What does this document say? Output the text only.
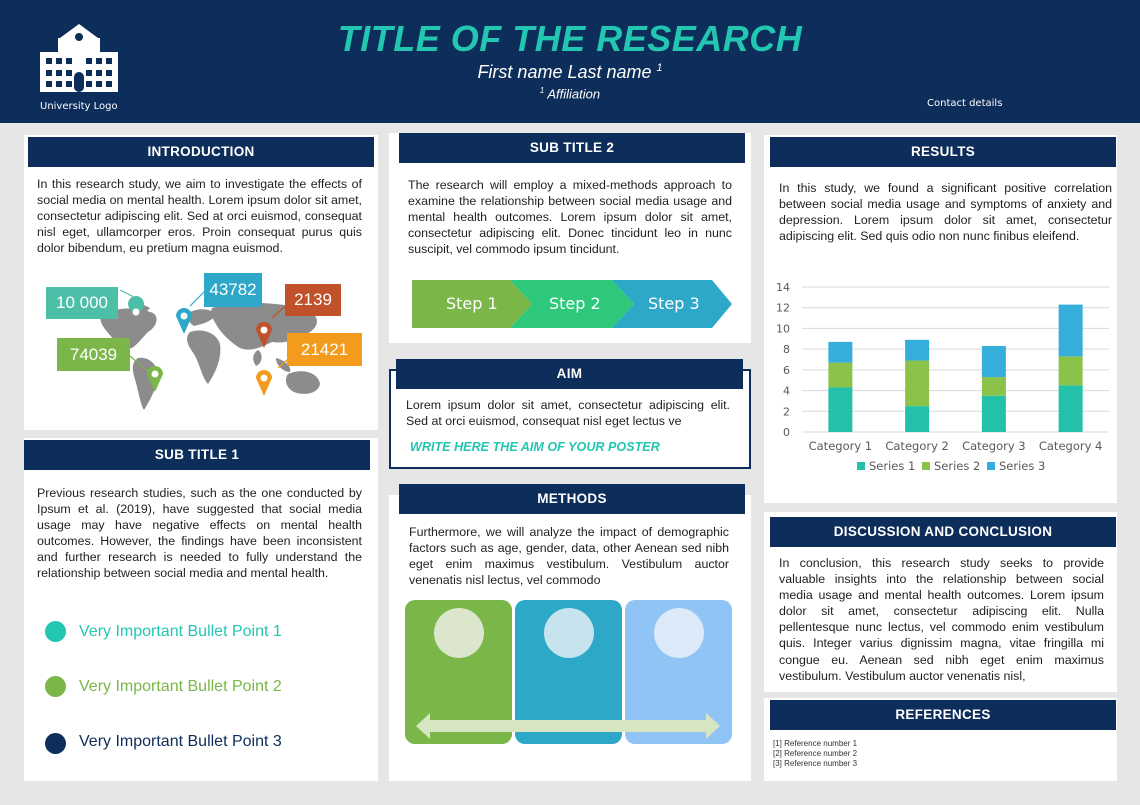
University Logo
TITLE OF THE RESEARCH
First name Last name $^1$
$^1$ Affiliation
Contact details
INTRODUCTION
In this research study, we aim to investigate the effects of social media on mental health. Lorem ipsum dolor sit amet, consectetur adipiscing elit. Sed at orci euismod, consequat nisl eget, ullamcorper eros. Proin consequat purus quis dolor bibendum, eu pretium magna euismod.
10 000
43782
2139
74039	21421
SUB TITLE 1
Previous research studies, such as the one conducted by Ipsum et al. (2019), have suggested that social media usage may have negative effects on mental health outcomes. However, the findings have been inconsistent and further research is needed to fully understand the relationship between social media and mental health.
Very Important Bullet Point 1
Very Important Bullet Point 2
Very Important Bullet Point 3
SUB TITLE 2
The research will employ a mixed-methods approach to examine the relationship between social media usage and mental health outcomes. Lorem ipsum dolor sit amet, consectetur adipiscing elit. Donec tincidunt leo in nunc suscipit, vel commodo ipsum tincidunt.
Step 1	Step 2	Step 3
AIM
Lorem ipsum dolor sit amet, consectetur adipiscing elit. Sed at orci euismod, consequat nisl eget lectus ve
WRITE HERE THE AIM OF YOUR POSTER
METHODS
Furthermore, we will analyze the impact of demographic factors such as age, gender, data, other Aenean sed nibh eget enim maximus vestibulum. Vestibulum auctor venenatis nisl lectus, vel commodo
RESULTS
In this study, we found a significant positive correlation between social media usage and symptoms of anxiety and depression. Lorem ipsum dolor sit amet, consectetur adipiscing elit. Sed quis odio non nunc finibus eleifend.
0
2
4
6
8
10
12
14
Category 1 Category 2 Category 3 Category 4
Series 1 Series 2 Series 3
DISCUSSION AND CONCLUSION
In conclusion, this research study seeks to provide valuable insights into the relationship between social media usage and mental health outcomes. Lorem ipsum dolor sit amet, consectetur adipiscing elit. Nulla pellentesque nunc lectus, vel commodo enim vestibulum quis. Integer varius dignissim magna, vitae fringilla mi congue eu. Aenean sed nibh eget enim maximus vestibulum. Vestibulum auctor venenatis nisl,
REFERENCES
[1] Reference number 1
[2] Reference number 2
[3] Reference number 3
